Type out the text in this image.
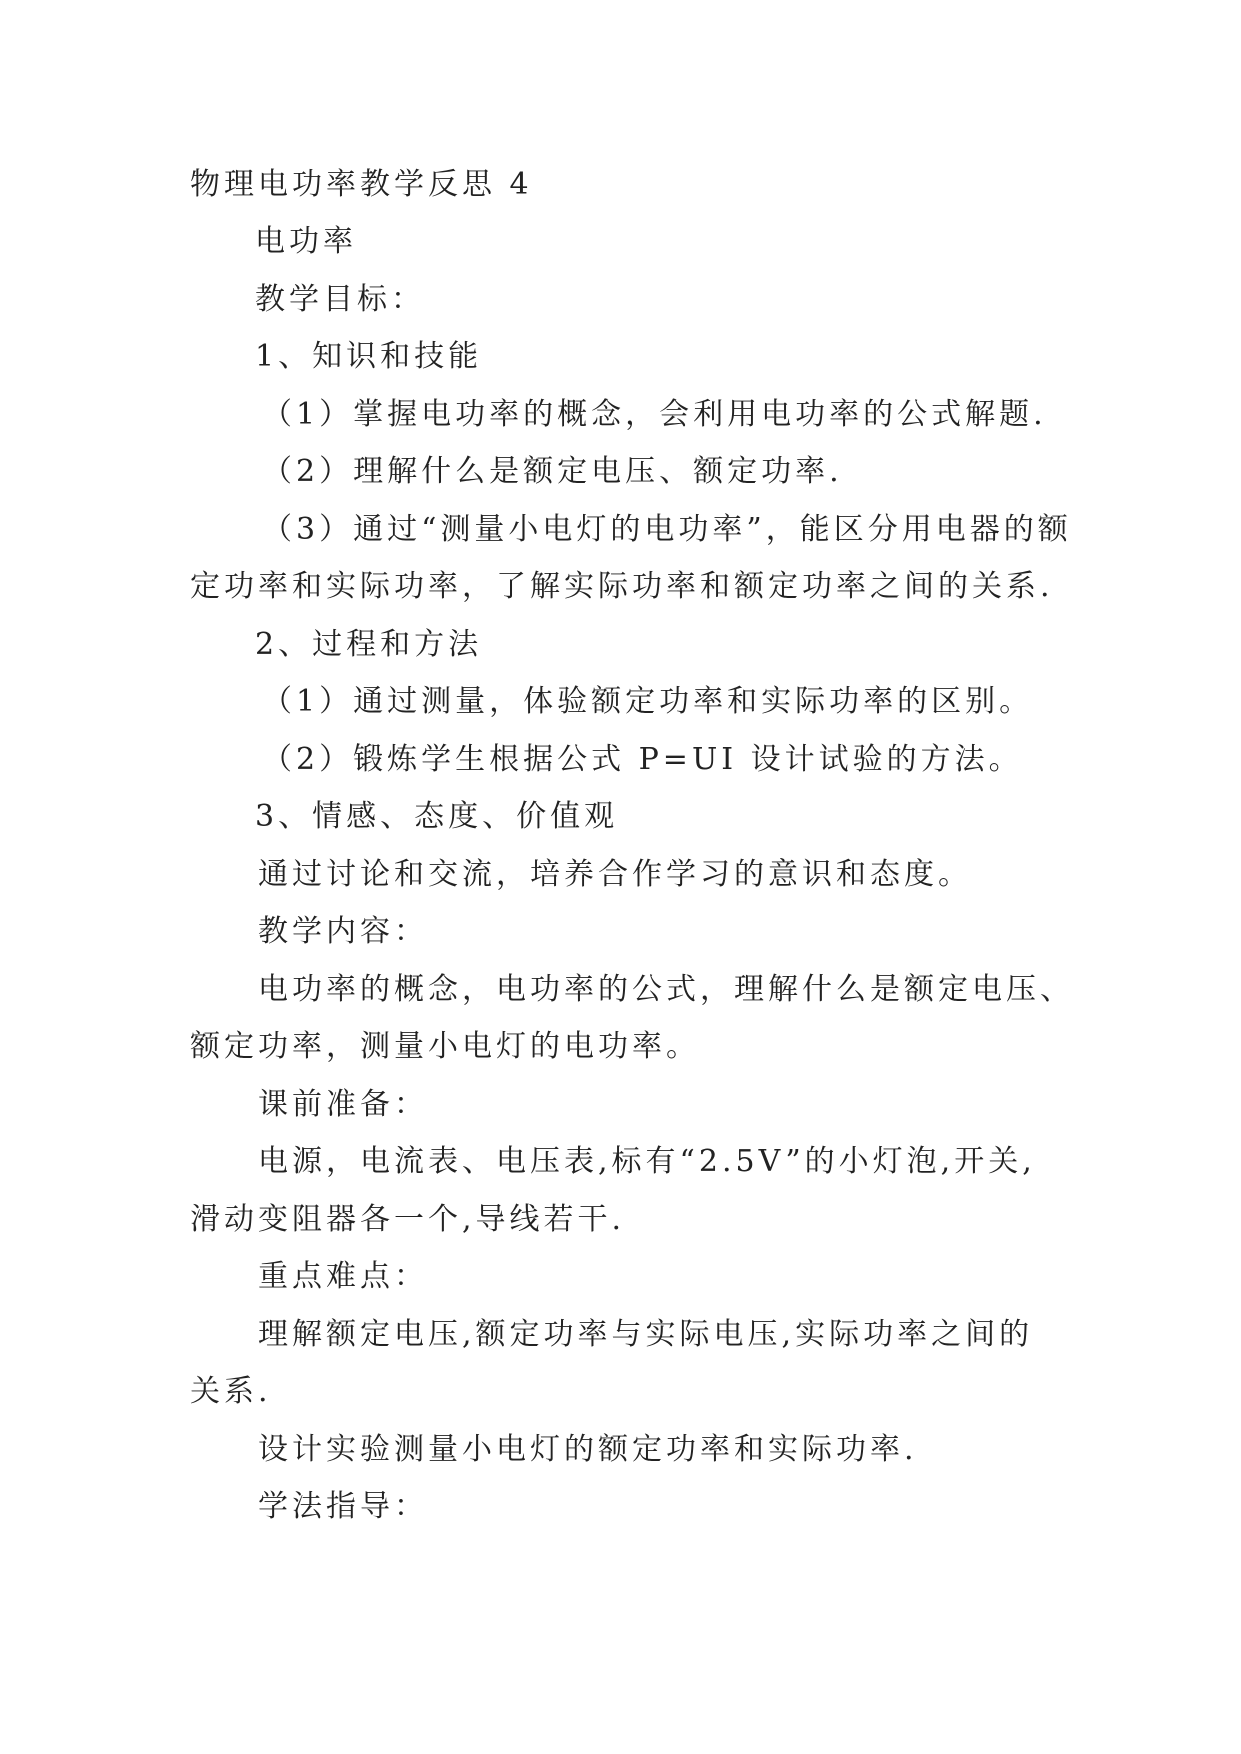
物理电功率教学反思 4
电功率
教学目标：
1、知识和技能
（1）掌握电功率的概念，会利用电功率的公式解题.
（2）理解什么是额定电压、额定功率.
（3）通过“测量小电灯的电功率”，能区分用电器的额
定功率和实际功率，了解实际功率和额定功率之间的关系.
2、过程和方法
（1）通过测量，体验额定功率和实际功率的区别。
（2）锻炼学生根据公式 P=UI 设计试验的方法。
3、情感、态度、价值观
通过讨论和交流，培养合作学习的意识和态度。
教学内容：
电功率的概念，电功率的公式，理解什么是额定电压、
额定功率，测量小电灯的电功率。
课前准备：
电源，电流表、电压表,标有“2.5V”的小灯泡,开关,
滑动变阻器各一个,导线若干.
重点难点：
理解额定电压,额定功率与实际电压,实际功率之间的
关系.
设计实验测量小电灯的额定功率和实际功率.
学法指导：
